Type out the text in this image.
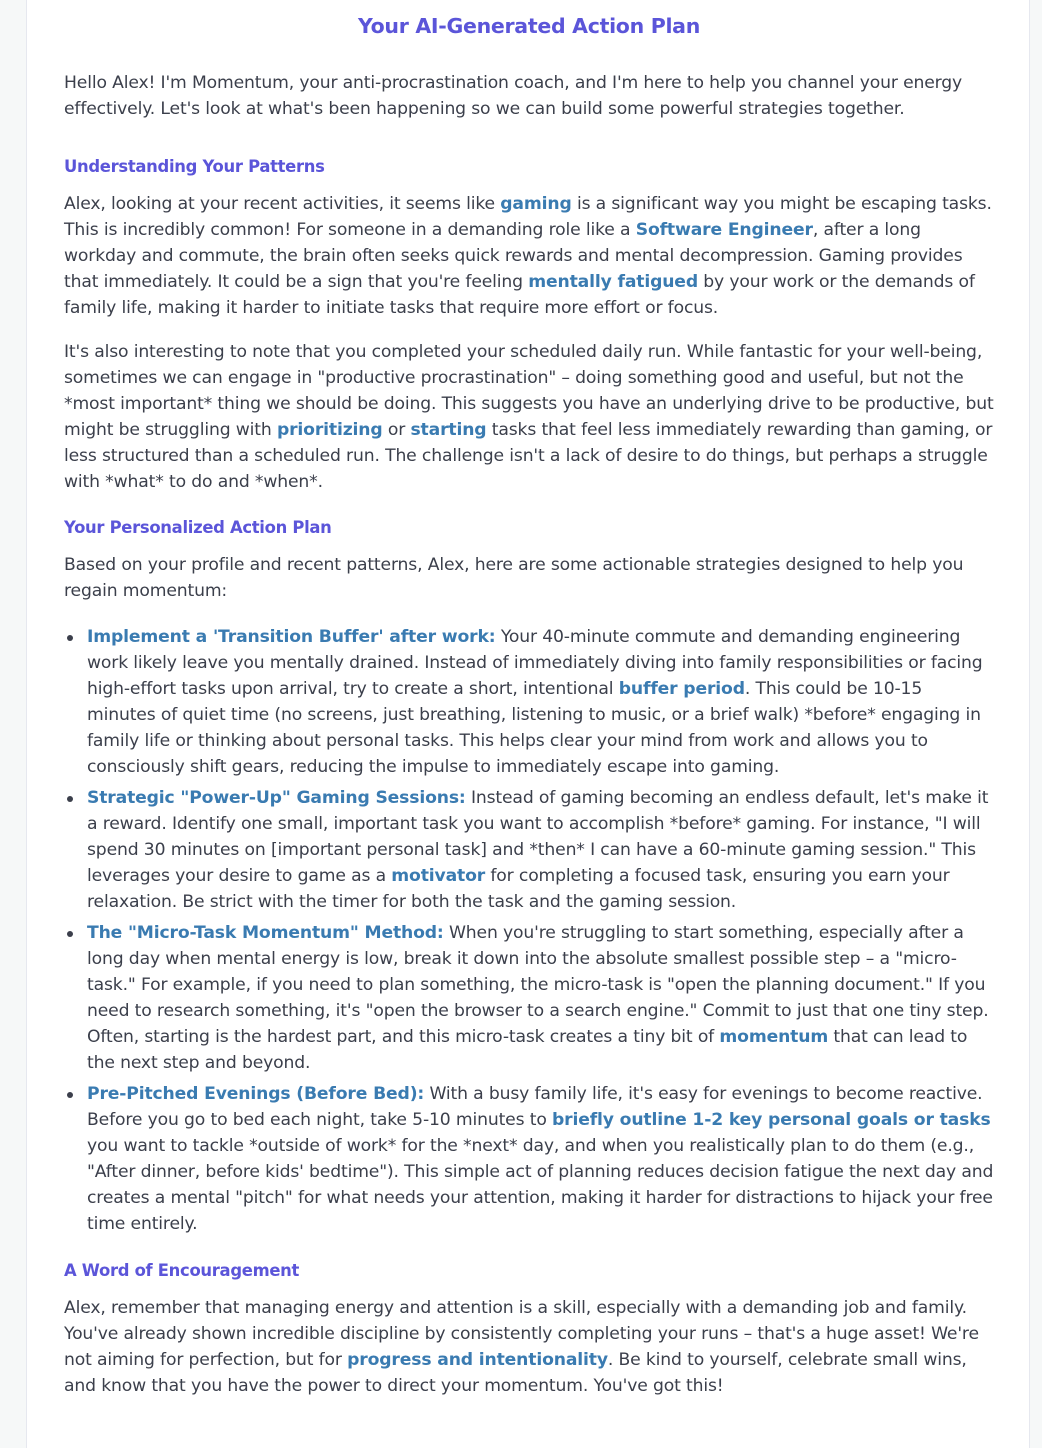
Your AI-Generated Action Plan

Hello Alex! I'm Momentum, your anti-procrastination coach, and I'm here to help you channel your energy effectively. Let's look at what's been happening so we can build some powerful strategies together.

Understanding Your Patterns

Alex, looking at your recent activities, it seems like gaming is a significant way you might be escaping tasks. This is incredibly common! For someone in a demanding role like a Software Engineer, after a long workday and commute, the brain often seeks quick rewards and mental decompression. Gaming provides that immediately. It could be a sign that you're feeling mentally fatigued by your work or the demands of family life, making it harder to initiate tasks that require more effort or focus.

It's also interesting to note that you completed your scheduled daily run. While fantastic for your well-being, sometimes we can engage in "productive procrastination" – doing something good and useful, but not the *most important* thing we should be doing. This suggests you have an underlying drive to be productive, but might be struggling with prioritizing or starting tasks that feel less immediately rewarding than gaming, or less structured than a scheduled run. The challenge isn't a lack of desire to do things, but perhaps a struggle with *what* to do and *when*.

Your Personalized Action Plan

Based on your profile and recent patterns, Alex, here are some actionable strategies designed to help you regain momentum:

Implement a 'Transition Buffer' after work: Your 40-minute commute and demanding engineering work likely leave you mentally drained. Instead of immediately diving into family responsibilities or facing high-effort tasks upon arrival, try to create a short, intentional buffer period. This could be 10-15 minutes of quiet time (no screens, just breathing, listening to music, or a brief walk) *before* engaging in family life or thinking about personal tasks. This helps clear your mind from work and allows you to consciously shift gears, reducing the impulse to immediately escape into gaming.
Strategic "Power-Up" Gaming Sessions: Instead of gaming becoming an endless default, let's make it a reward. Identify one small, important task you want to accomplish *before* gaming. For instance, "I will spend 30 minutes on [important personal task] and *then* I can have a 60-minute gaming session." This leverages your desire to game as a motivator for completing a focused task, ensuring you earn your relaxation. Be strict with the timer for both the task and the gaming session.
The "Micro-Task Momentum" Method: When you're struggling to start something, especially after a long day when mental energy is low, break it down into the absolute smallest possible step – a "micro-task." For example, if you need to plan something, the micro-task is "open the planning document." If you need to research something, it's "open the browser to a search engine." Commit to just that one tiny step. Often, starting is the hardest part, and this micro-task creates a tiny bit of momentum that can lead to the next step and beyond.
Pre-Pitched Evenings (Before Bed): With a busy family life, it's easy for evenings to become reactive. Before you go to bed each night, take 5-10 minutes to briefly outline 1-2 key personal goals or tasks you want to tackle *outside of work* for the *next* day, and when you realistically plan to do them (e.g., "After dinner, before kids' bedtime"). This simple act of planning reduces decision fatigue the next day and creates a mental "pitch" for what needs your attention, making it harder for distractions to hijack your free time entirely.
A Word of Encouragement

Alex, remember that managing energy and attention is a skill, especially with a demanding job and family. You've already shown incredible discipline by consistently completing your runs – that's a huge asset! We're not aiming for perfection, but for progress and intentionality. Be kind to yourself, celebrate small wins, and know that you have the power to direct your momentum. You've got this!
